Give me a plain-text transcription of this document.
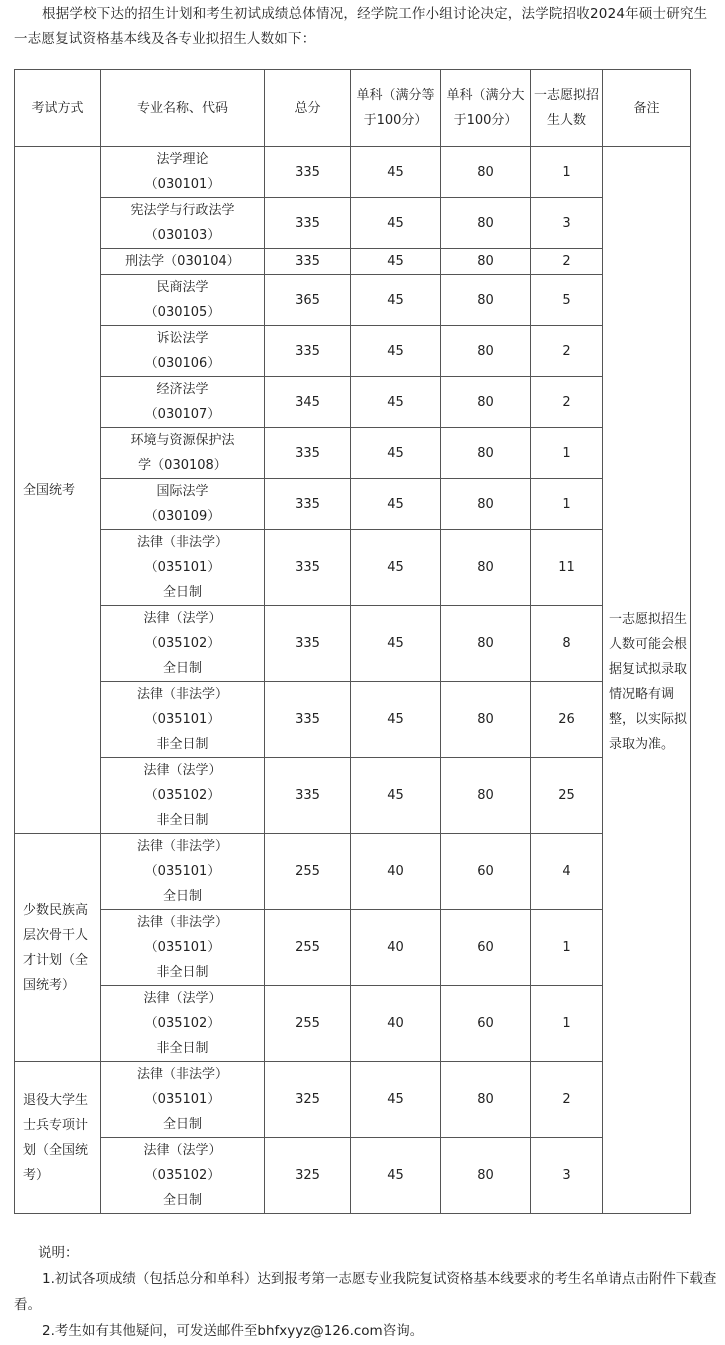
根据学校下达的招生计划和考生初试成绩总体情况，经学院工作小组讨论决定，法学院招收2024年硕士研究生一志愿复试资格基本线及各专业拟招生人数如下：

考试方式	专业名称、代码	总分	单科（满分等于100分）	单科（满分大于100分）	一志愿拟招生人数	备注
全国统考	法学理论
（030101）	335	45	80	1	

	宪法学与行政法学
（030103）	335	45	80	3	

	刑法学（030104）	335	45	80	2	

	民商法学
（030105）	365	45	80	5	

	诉讼法学
（030106）	335	45	80	2	

	经济法学
（030107）	345	45	80	2	

	环境与资源保护法
学（030108）	335	45	80	1	

	国际法学
（030109）	335	45	80	1	

	法律（非法学）
（035101）
全日制	335	45	80	11	一志愿拟招生人数可能会根据复试拟录取情况略有调整，以实际拟录取为准。

	法律（法学）
（035102）
全日制	335	45	80	8	

	法律（非法学）
（035101）
非全日制	335	45	80	26	

	法律（法学）
（035102）
非全日制	335	45	80	25	
少数民族高层次骨干人才计划（全国统考）	法律（非法学）
（035101）
全日制	255	40	60	4	

	法律（非法学）
（035101）
非全日制	255	40	60	1	

	法律（法学）
（035102）
非全日制	255	40	60	1	
退役大学生士兵专项计划（全国统考）	法律（非法学）
（035101）
全日制	325	45	80	2	

	法律（法学）
（035102）
全日制	325	45	80	3	

说明：

1.初试各项成绩（包括总分和单科）达到报考第一志愿专业我院复试资格基本线要求的考生名单请点击附件下载查看。

2.考生如有其他疑问，可发送邮件至bhfxyyz@126.com咨询。
